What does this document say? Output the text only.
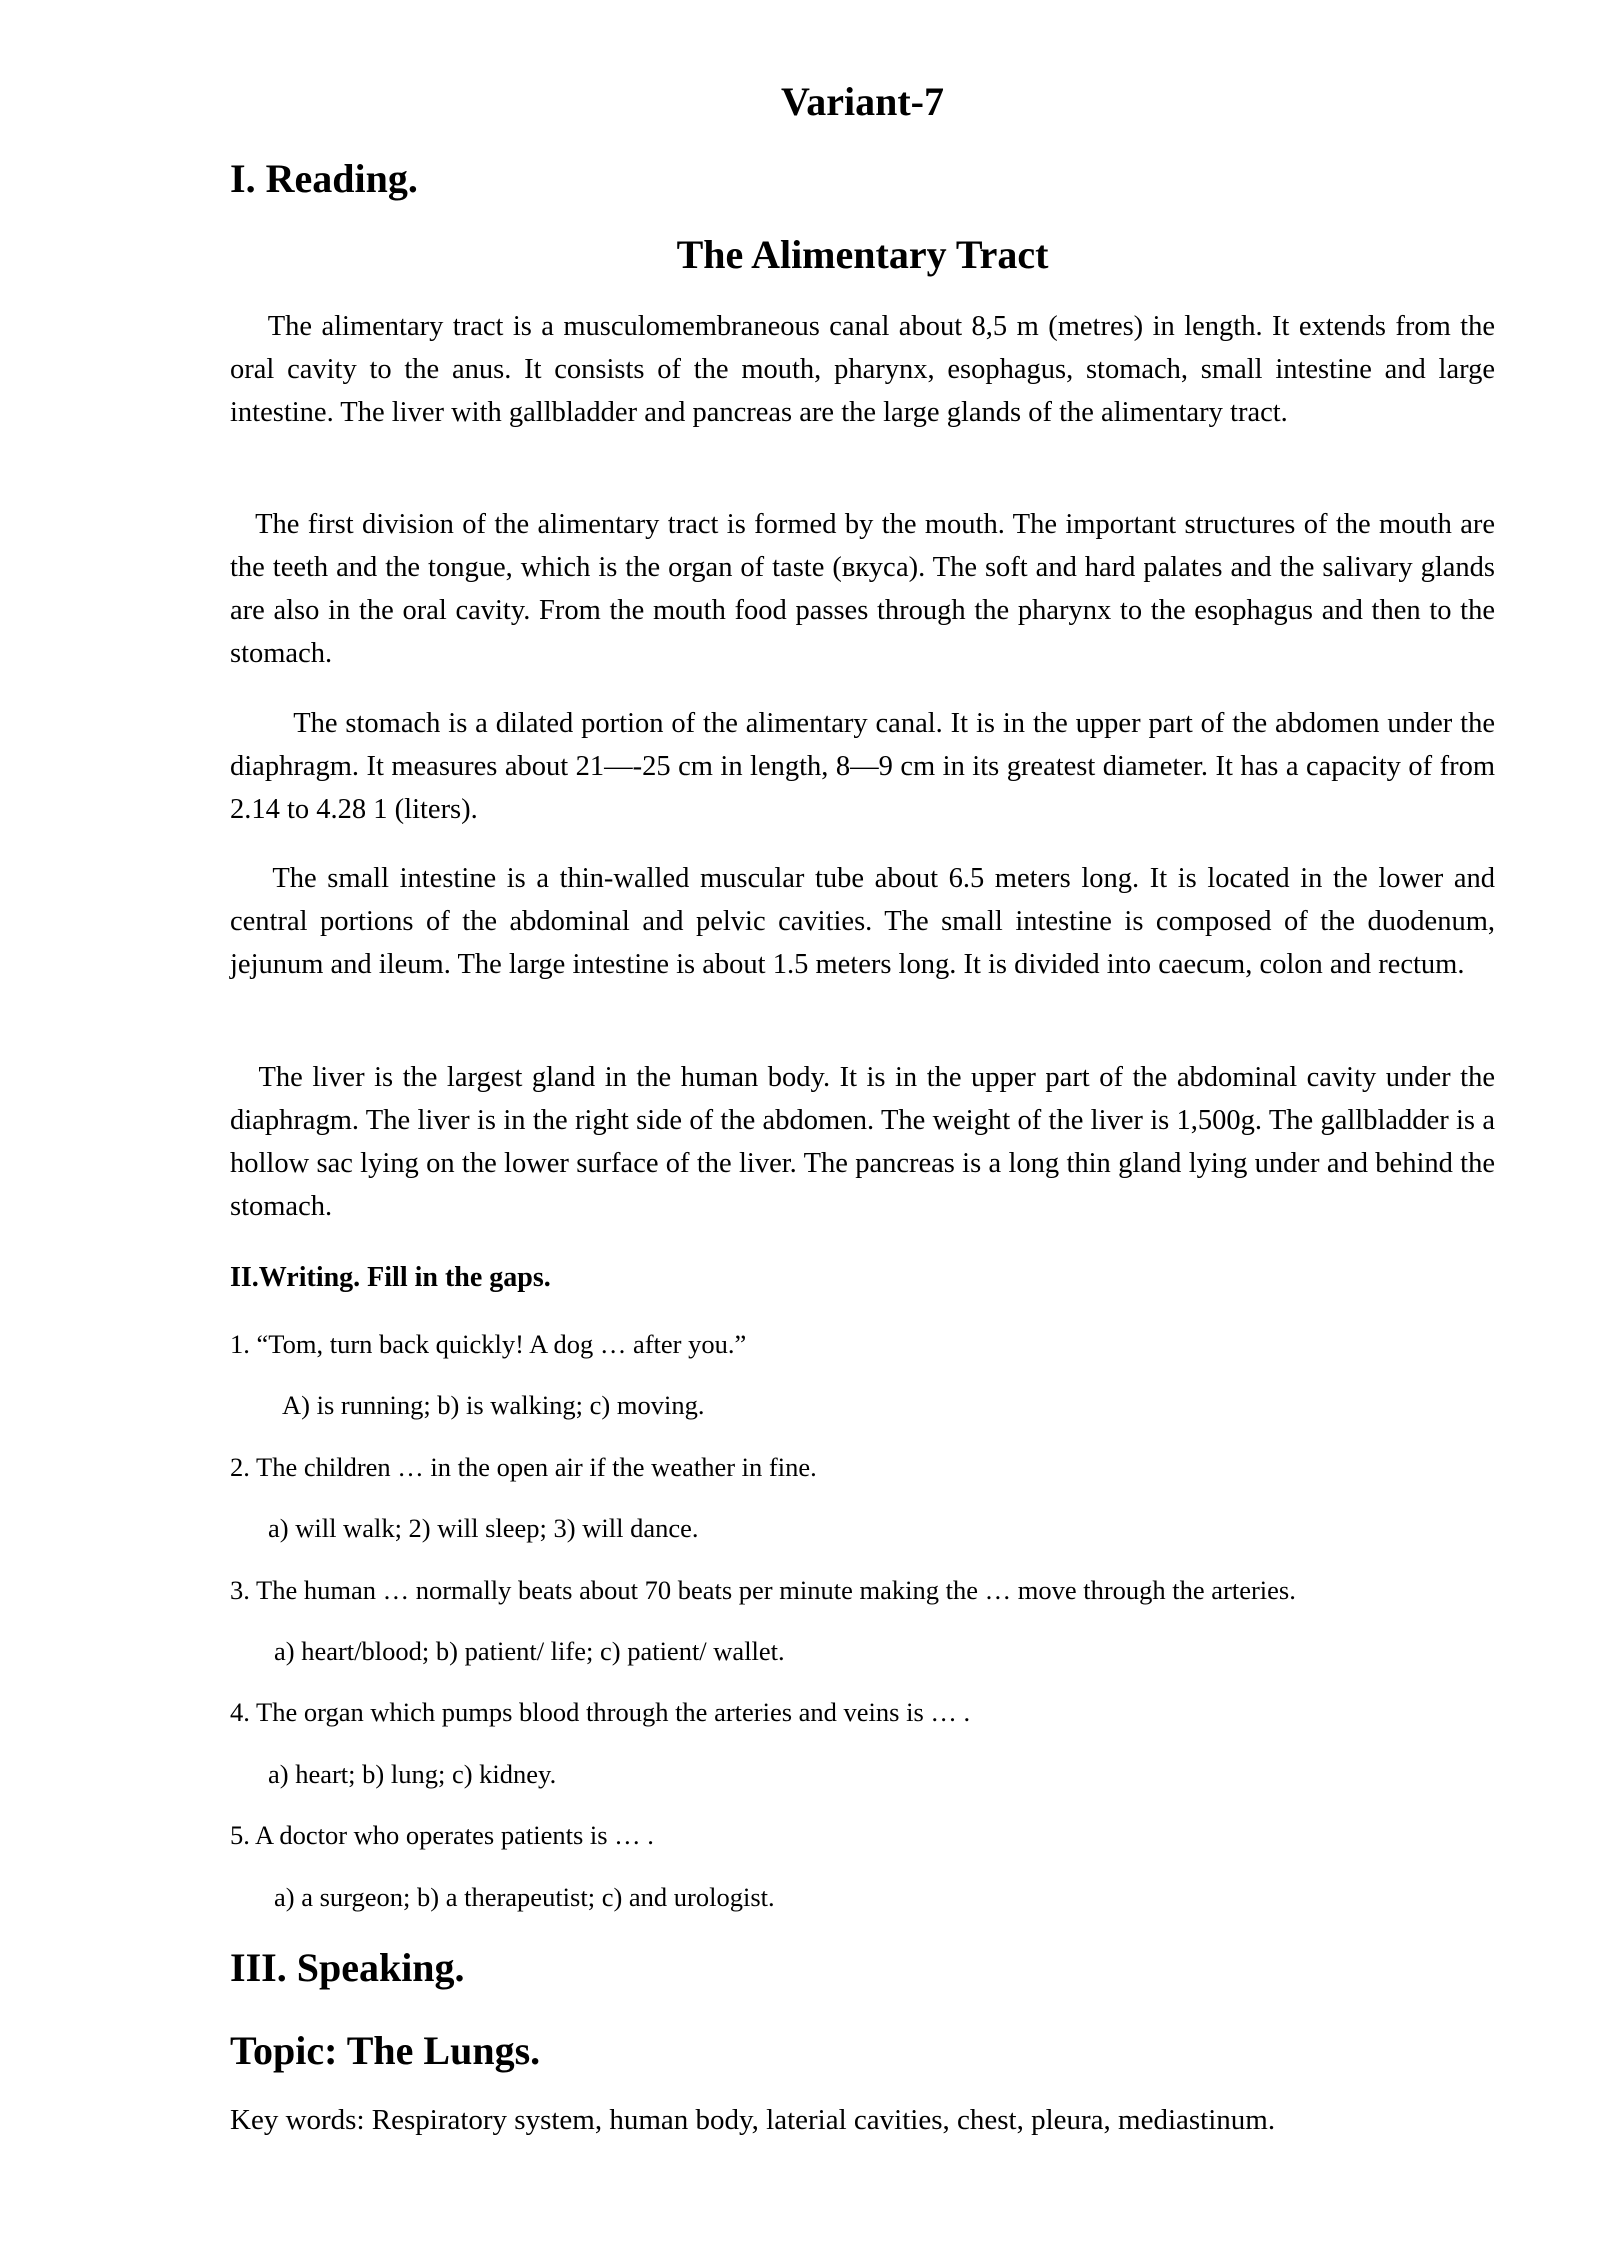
Variant-7
I. Reading.
The Alimentary Tract

The alimentary tract is a musculomembraneous canal about 8,5 m (metres) in length. It extends from the oral cavity to the anus. It consists of the mouth, pharynx, esophagus, stomach, small intestine and large intestine. The liver with gallbladder and pancreas are the large glands of the alimentary tract.

The first division of the alimentary tract is formed by the mouth. The important structures of the mouth are the teeth and the tongue, which is the organ of taste (вкуса). The soft and hard palates and the salivary glands are also in the oral cavity. From the mouth food passes through the pharynx to the esophagus and then to the stomach.

The stomach is a dilated portion of the alimentary canal. It is in the upper part of the abdomen under the diaphragm. It measures about 21—-25 cm in length, 8—9 cm in its greatest diameter. It has a capacity of from 2.14 to 4.28 1 (liters).

The small intestine is a thin-walled muscular tube about 6.5 meters long. It is located in the lower and central portions of the abdominal and pelvic cavities. The small intestine is composed of the duodenum, jejunum and ileum. The large intestine is about 1.5 meters long. It is divided into caecum, colon and rectum.

The liver is the largest gland in the human body. It is in the upper part of the abdominal cavity under the diaphragm. The liver is in the right side of the abdomen. The weight of the liver is 1,500g. The gallbladder is a hollow sac lying on the lower surface of the liver. The pancreas is a long thin gland lying under and behind the stomach.

II.Writing. Fill in the gaps.

1. “Tom, turn back quickly! A dog … after you.”

A) is running; b) is walking; c) moving.

2. The children … in the open air if the weather in fine.

a) will walk; 2) will sleep; 3) will dance.

3. The human … normally beats about 70 beats per minute making the … move through the arteries.

a) heart/blood; b) patient/ life; c) patient/ wallet.

4. The organ which pumps blood through the arteries and veins is … .

a) heart; b) lung; c) kidney.

5. A doctor who operates patients is … .

a) a surgeon; b) a therapeutist; c) and urologist.

III. Speaking.
Topic: The Lungs.

Key words: Respiratory system, human body, laterial cavities, chest, pleura, mediastinum.
